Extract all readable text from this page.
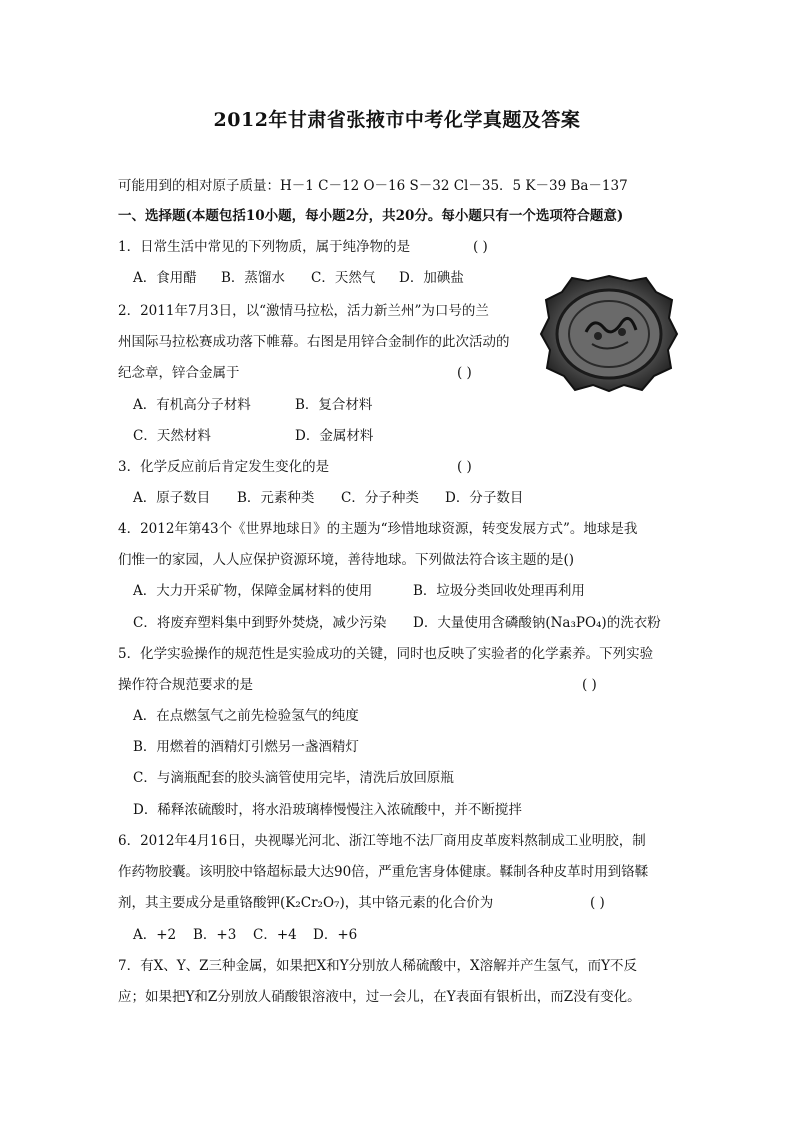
2012年甘肃省张掖市中考化学真题及答案
可能用到的相对原子质量：H－1 C－12 O－16 S－32 Cl－35．5 K－39 Ba－137
一、选择题(本题包括10小题，每小题2分，共20分。每小题只有一个选项符合题意)
1．日常生活中常见的下列物质，属于纯净物的是	( )
A．食用醋 B．蒸馏水 C．天然气 D．加碘盐
2．2011年7月3日，以“激情马拉松，活力新兰州”为口号的兰
州国际马拉松赛成功落下帷幕。右图是用锌合金制作的此次活动的
纪念章，锌合金属于	( )
A．有机高分子材料	B．复合材料
C．天然材料	D．金属材料
3．化学反应前后肯定发生变化的是	( )
A．原子数目 B．元素种类 C．分子种类 D．分子数目
4．2012年第43个《世界地球日》的主题为“珍惜地球资源，转变发展方式”。地球是我
们惟一的家园，人人应保护资源环境，善待地球。下列做法符合该主题的是()
A．大力开采矿物，保障金属材料的使用	B．垃圾分类回收处理再利用
C．将废弃塑料集中到野外焚烧，减少污染 D．大量使用含磷酸钠(Na₃PO₄)的洗衣粉
5．化学实验操作的规范性是实验成功的关键，同时也反映了实验者的化学素养。下列实验
操作符合规范要求的是	( )
A．在点燃氢气之前先检验氢气的纯度
B．用燃着的酒精灯引燃另一盏酒精灯
C．与滴瓶配套的胶头滴管使用完毕，清洗后放回原瓶
D．稀释浓硫酸时，将水沿玻璃棒慢慢注入浓硫酸中，并不断搅拌
6．2012年4月16日，央视曝光河北、浙江等地不法厂商用皮革废料熬制成工业明胶，制
作药物胶囊。该明胶中铬超标最大达90倍，严重危害身体健康。鞣制各种皮革时用到铬鞣
剂，其主要成分是重铬酸钾(K₂Cr₂O₇)，其中铬元素的化合价为	( )
A．+2 B．+3 C．+4 D．+6
7．有X、Y、Z三种金属，如果把X和Y分别放人稀硫酸中，X溶解并产生氢气，而Y不反
应；如果把Y和Z分别放人硝酸银溶液中，过一会儿，在Y表面有银析出，而Z没有变化。
